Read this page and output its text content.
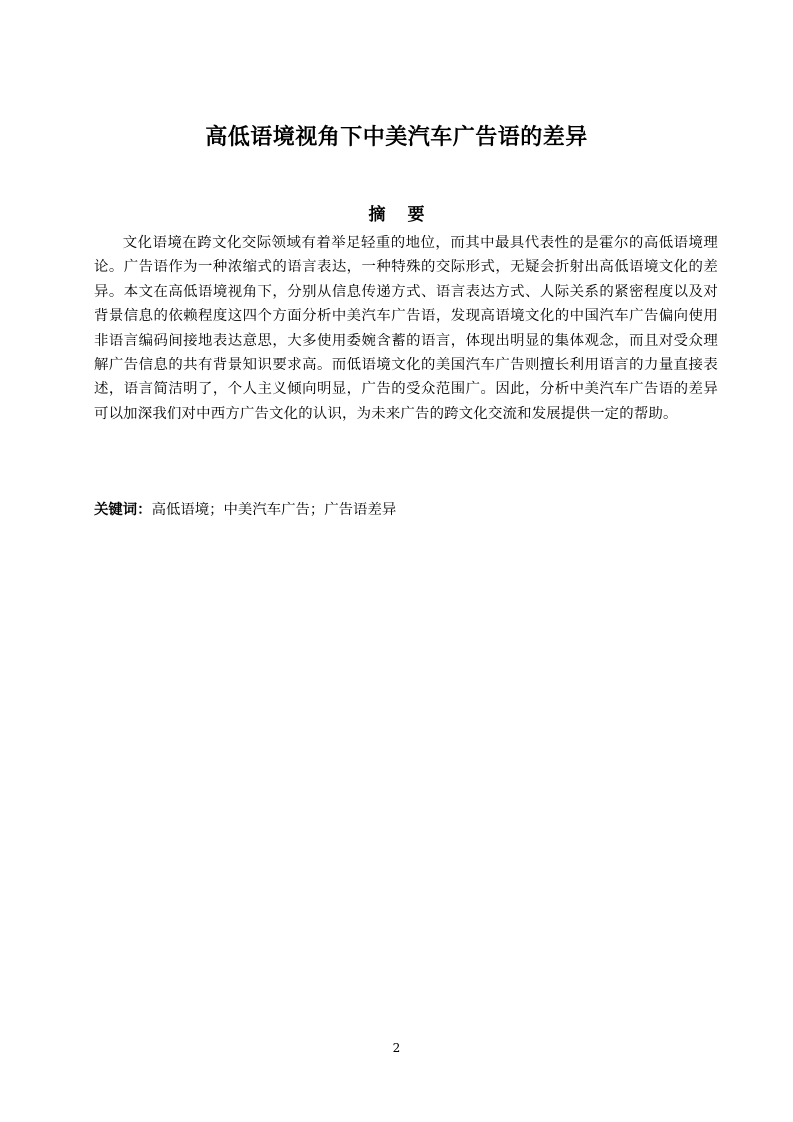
高低语境视角下中美汽车广告语的差异
摘 要

文化语境在跨文化交际领域有着举足轻重的地位，而其中最具代表性的是霍尔的高低语境理论。广告语作为一种浓缩式的语言表达，一种特殊的交际形式，无疑会折射出高低语境文化的差异。本文在高低语境视角下，分别从信息传递方式、语言表达方式、人际关系的紧密程度以及对背景信息的依赖程度这四个方面分析中美汽车广告语，发现高语境文化的中国汽车广告偏向使用非语言编码间接地表达意思，大多使用委婉含蓄的语言，体现出明显的集体观念，而且对受众理解广告信息的共有背景知识要求高。而低语境文化的美国汽车广告则擅长利用语言的力量直接表述，语言简洁明了，个人主义倾向明显，广告的受众范围广。因此，分析中美汽车广告语的差异可以加深我们对中西方广告文化的认识，为未来广告的跨文化交流和发展提供一定的帮助。

关键词：高低语境；中美汽车广告；广告语差异
2
